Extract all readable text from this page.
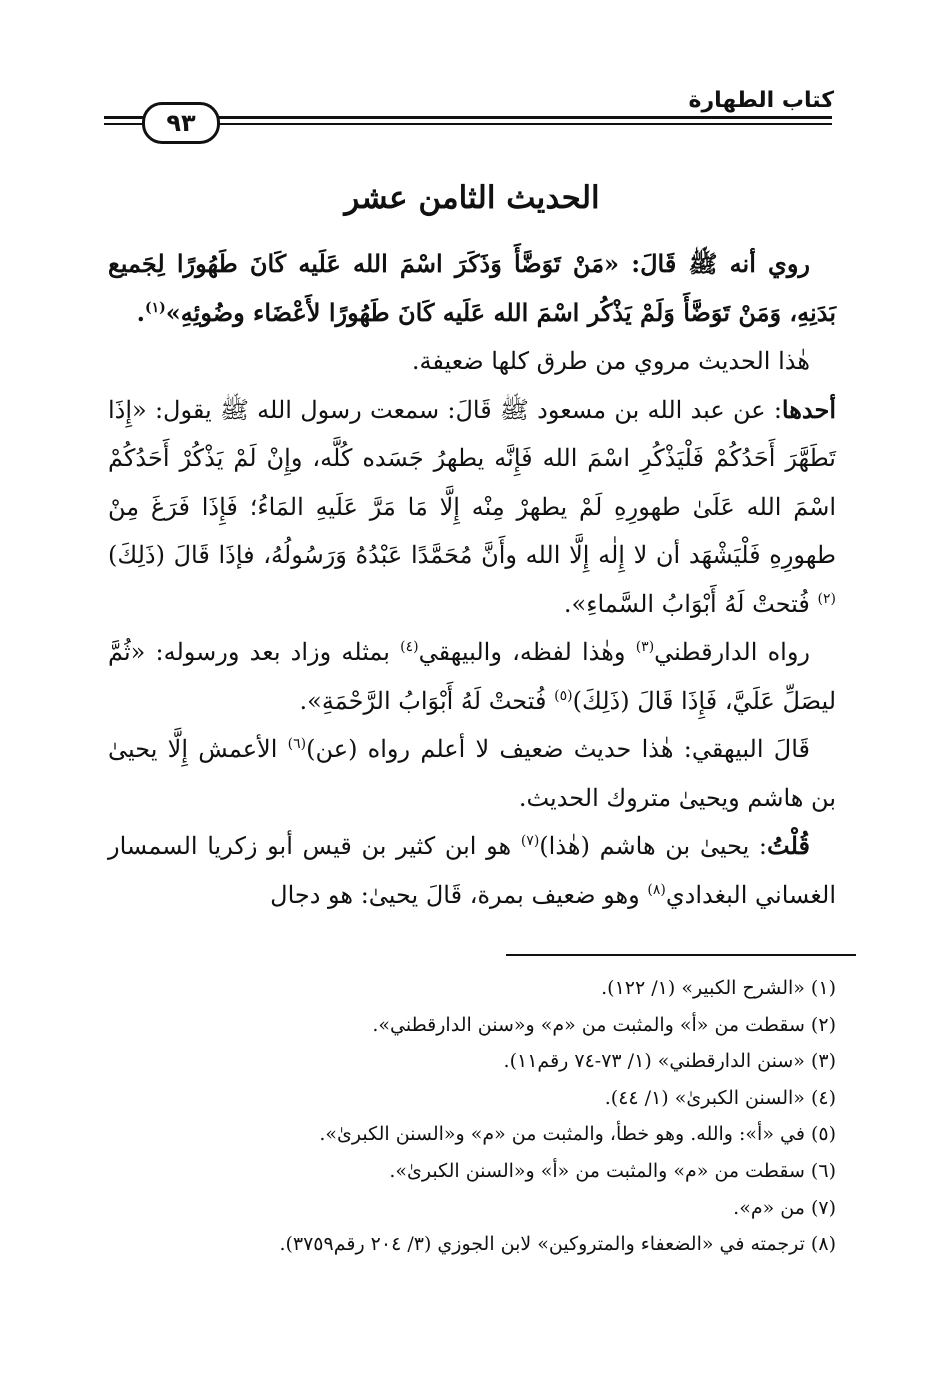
كتاب الطهارة
٩٣
الحديث الثامن عشر

روي أنه ﷺ قَالَ: «مَنْ تَوَضَّأَ وَذَكَرَ اسْمَ الله عَلَيه كَانَ طَهُورًا لِجَميع بَدَنِهِ، وَمَنْ تَوَضَّأَ وَلَمْ يَذْكُر اسْمَ الله عَلَيه كَانَ طَهُورًا لأَعْضَاء وضُوئِهِ»$^{(١)}$.

هٰذا الحديث مروي من طرق كلها ضعيفة.

أحدها: عن عبد الله بن مسعود ﷺ قَالَ: سمعت رسول الله ﷺ يقول: «إِذَا تَطَهَّرَ أَحَدُكُمْ فَلْيَذْكُرِ اسْمَ الله فَإِنَّه يطهرُ جَسَده كُلَّه، وإِنْ لَمْ يَذْكُرْ أَحَدُكُمْ اسْمَ الله عَلَىٰ طهورِهِ لَمْ يطهرْ مِنْه إِلَّا مَا مَرَّ عَلَيهِ المَاءُ؛ فَإِذَا فَرَغَ مِنْ طهورِهِ فَلْيَشْهَد أن لا إِلٰه إِلَّا الله وأَنَّ مُحَمَّدًا عَبْدُهُ وَرَسُولُهُ، فإذَا قَالَ (ذَلِكَ)$^{(٢)}$ فُتحتْ لَهُ أَبْوَابُ السَّماءِ».

رواه الدارقطني$^{(٣)}$ وهٰذا لفظه، والبيهقي$^{(٤)}$ بمثله وزاد بعد ورسوله: «ثُمَّ ليصَلِّ عَلَيَّ، فَإِذَا قَالَ (ذَلِكَ)$^{(٥)}$ فُتحتْ لَهُ أَبْوَابُ الرَّحْمَةِ».

قَالَ البيهقي: هٰذا حديث ضعيف لا أعلم رواه (عن)$^{(٦)}$ الأعمش إِلَّا يحيىٰ بن هاشم ويحيىٰ متروك الحديث.

قُلْتُ: يحيىٰ بن هاشم (هٰذا)$^{(٧)}$ هو ابن كثير بن قيس أبو زكريا السمسار الغساني البغدادي$^{(٨)}$ وهو ضعيف بمرة، قَالَ يحيىٰ: هو دجال

(١) «الشرح الكبير» (١/ ١٢٢).
(٢) سقطت من «أ» والمثبت من «م» و«سنن الدارقطني».
(٣) «سنن الدارقطني» (١/ ٧٣-٧٤ رقم١١).
(٤) «السنن الكبرىٰ» (١/ ٤٤).
(٥) في «أ»: والله. وهو خطأ، والمثبت من «م» و«السنن الكبرىٰ».
(٦) سقطت من «م» والمثبت من «أ» و«السنن الكبرىٰ».
(٧) من «م».
(٨) ترجمته في «الضعفاء والمتروكين» لابن الجوزي (٣/ ٢٠٤ رقم٣٧٥٩).
